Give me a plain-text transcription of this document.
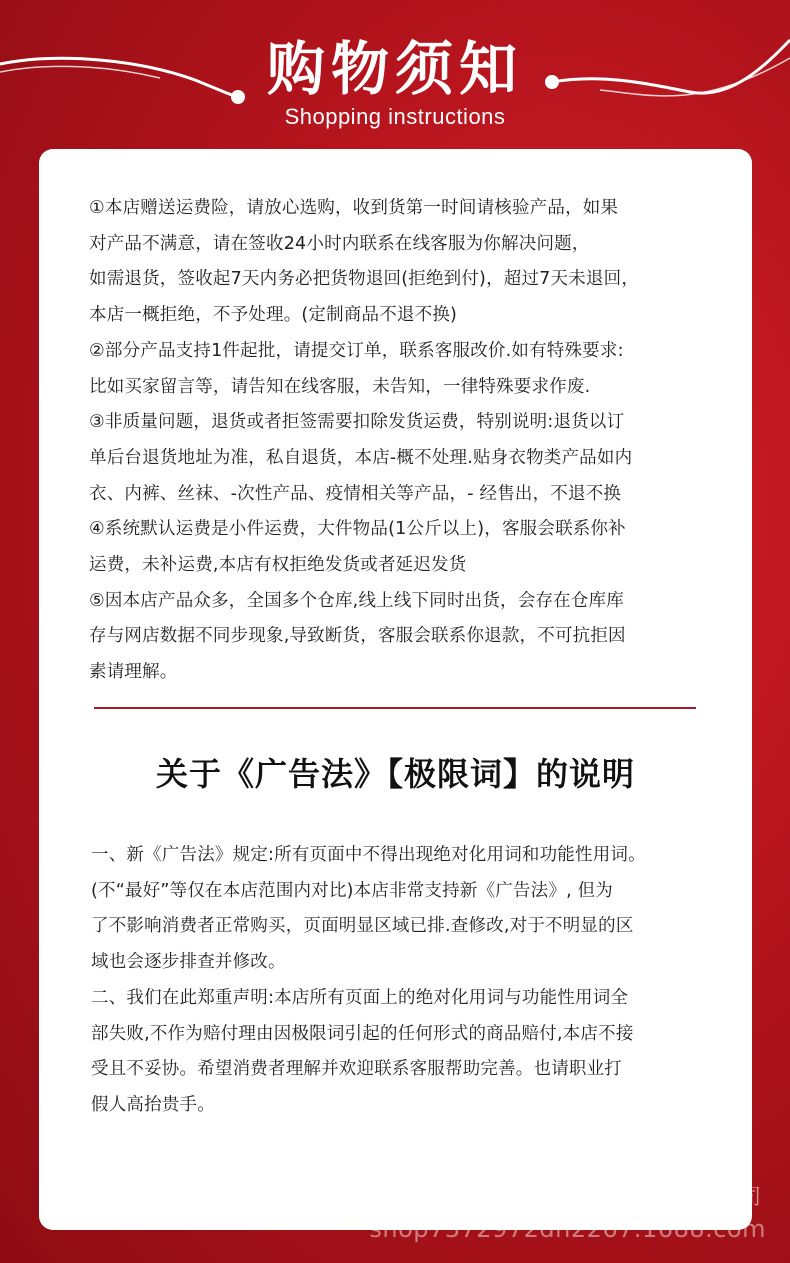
购物须知
Shopping instructions

①本店赠送运费险，请放心选购，收到货第一时间请核验产品，如果

对产品不满意，请在签收24小时内联系在线客服为你解决问题，

如需退货，签收起7天内务必把货物退回(拒绝到付)，超过7天未退回，

本店一概拒绝，不予处理。(定制商品不退不换)

②部分产品支持1件起批，请提交订单，联系客服改价.如有特殊要求:

比如买家留言等，请告知在线客服，未告知，一律特殊要求作废.

③非质量问题，退货或者拒签需要扣除发货运费，特别说明:退货以订

单后台退货地址为准，私自退货，本店-概不处理.贴身衣物类产品如内

衣、内裤、丝袜、-次性产品、疫情相关等产品，- 经售出，不退不换

④系统默认运费是小件运费，大件物品(1公斤以上)，客服会联系你补

运费，未补运费,本店有权拒绝发货或者延迟发货

⑤因本店产品众多，全国多个仓库,线上线下同时出货，会存在仓库库

存与网店数据不同步现象,导致断货，客服会联系你退款，不可抗拒因

素请理解。

关于《广告法》【极限词】的说明

一、新《广告法》规定:所有页面中不得出现绝对化用词和功能性用词。

(不“最好”等仅在本店范围内对比)本店非常支持新《广告法》, 但为

了不影响消费者正常购买，页面明显区域已排.查修改,对于不明显的区

域也会逐步排查并修改。

二、我们在此郑重声明:本店所有页面上的绝对化用词与功能性用词全

部失败,不作为赔付理由因极限词引起的任何形式的商品赔付,本店不接

受且不妥协。希望消费者理解并欢迎联系客服帮助完善。也请职业打

假人高抬贵手。

广州贝利皮具科技有限公司
shop7372972dn2267.1688.com
